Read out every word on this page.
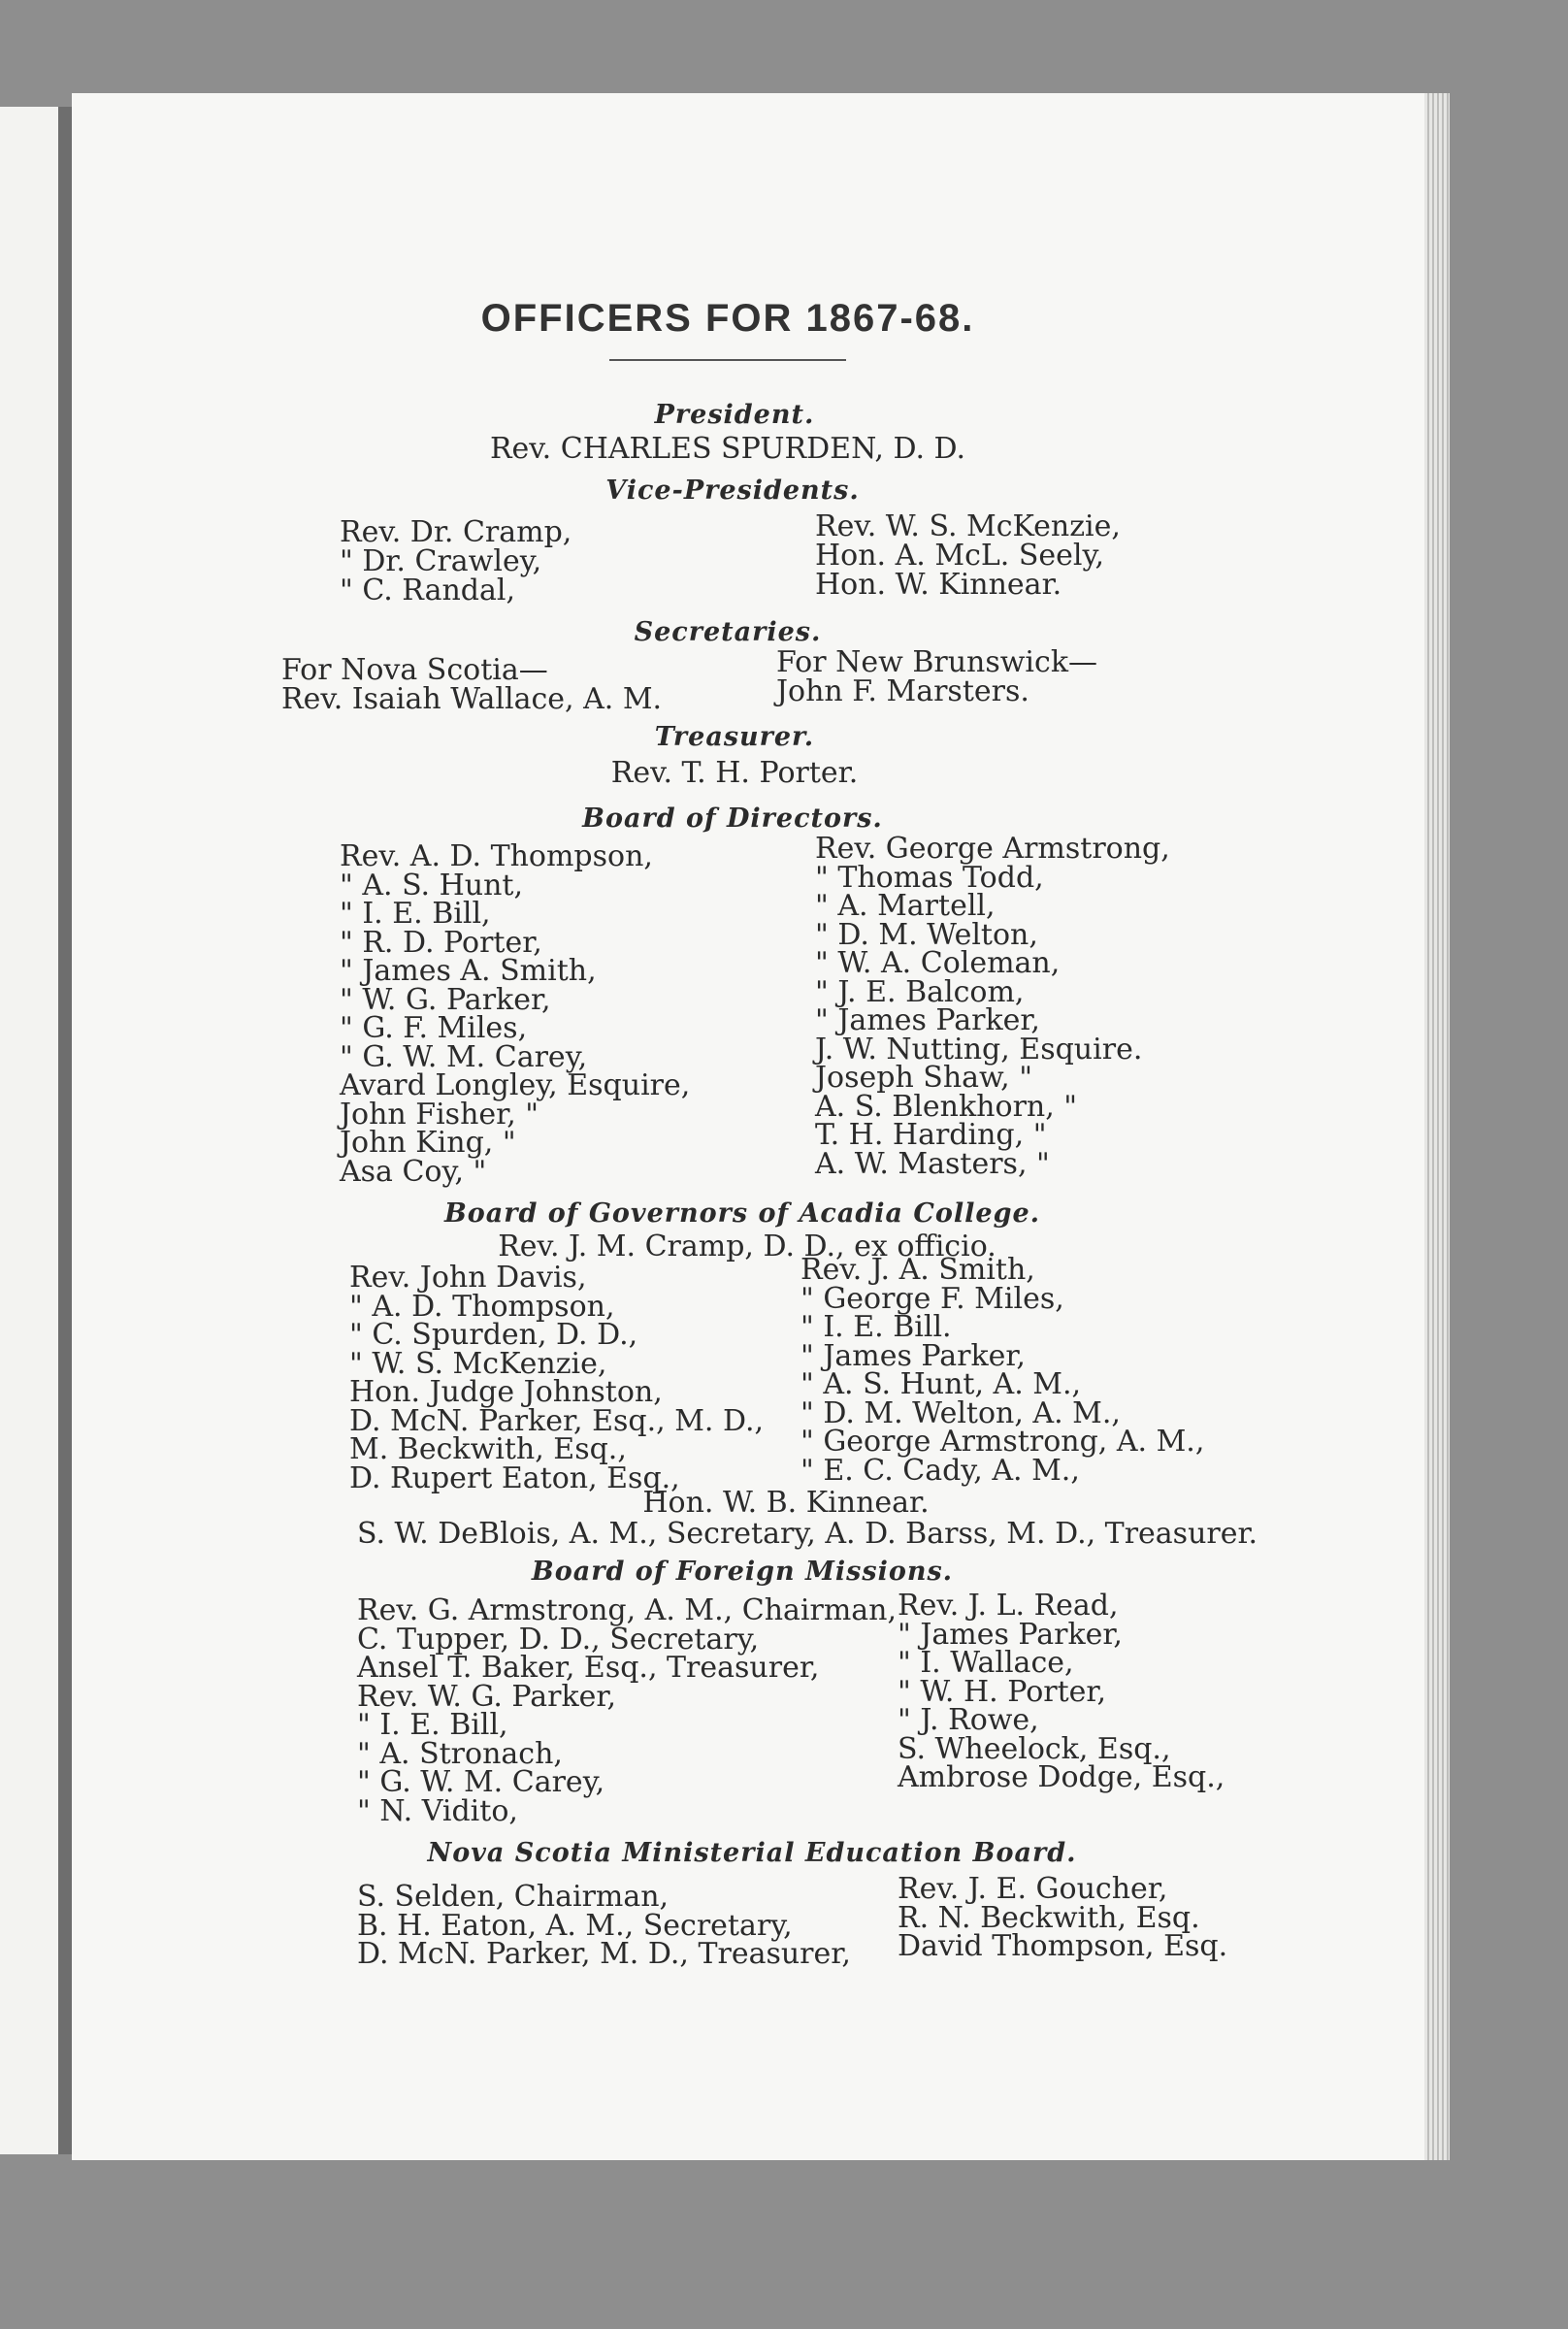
OFFICERS FOR 1867-68.
President.
Rev. CHARLES SPURDEN, D. D.
Vice-Presidents.
Rev. Dr. Cramp,
" Dr. Crawley,
" C. Randal,
Rev. W. S. McKenzie,
Hon. A. McL. Seely,
Hon. W. Kinnear.
Secretaries.
For Nova Scotia—
Rev. Isaiah Wallace, A. M.
For New Brunswick—
John F. Marsters.
Treasurer.
Rev. T. H. Porter.
Board of Directors.
Rev. A. D. Thompson,
" A. S. Hunt,
" I. E. Bill,
" R. D. Porter,
" James A. Smith,
" W. G. Parker,
" G. F. Miles,
" G. W. M. Carey,
Avard Longley, Esquire,
John Fisher, "
John King, "
Asa Coy, "
Rev. George Armstrong,
" Thomas Todd,
" A. Martell,
" D. M. Welton,
" W. A. Coleman,
" J. E. Balcom,
" James Parker,
J. W. Nutting, Esquire.
Joseph Shaw, "
A. S. Blenkhorn, "
T. H. Harding, "
A. W. Masters, "
Board of Governors of Acadia College.
Rev. J. M. Cramp, D. D., ex officio.
Rev. John Davis,
" A. D. Thompson,
" C. Spurden, D. D.,
" W. S. McKenzie,
Hon. Judge Johnston,
D. McN. Parker, Esq., M. D.,
M. Beckwith, Esq.,
D. Rupert Eaton, Esq.,
Rev. J. A. Smith,
" George F. Miles,
" I. E. Bill.
" James Parker,
" A. S. Hunt, A. M.,
" D. M. Welton, A. M.,
" George Armstrong, A. M.,
" E. C. Cady, A. M.,
Hon. W. B. Kinnear.
S. W. DeBlois, A. M., Secretary, A. D. Barss, M. D., Treasurer.
Board of Foreign Missions.
Rev. G. Armstrong, A. M., Chairman,
C. Tupper, D. D., Secretary,
Ansel T. Baker, Esq., Treasurer,
Rev. W. G. Parker,
" I. E. Bill,
" A. Stronach,
" G. W. M. Carey,
" N. Vidito,
Rev. J. L. Read,
" James Parker,
" I. Wallace,
" W. H. Porter,
" J. Rowe,
S. Wheelock, Esq.,
Ambrose Dodge, Esq.,
Nova Scotia Ministerial Education Board.
S. Selden, Chairman,
B. H. Eaton, A. M., Secretary,
D. McN. Parker, M. D., Treasurer,
Rev. J. E. Goucher,
R. N. Beckwith, Esq.
David Thompson, Esq.
